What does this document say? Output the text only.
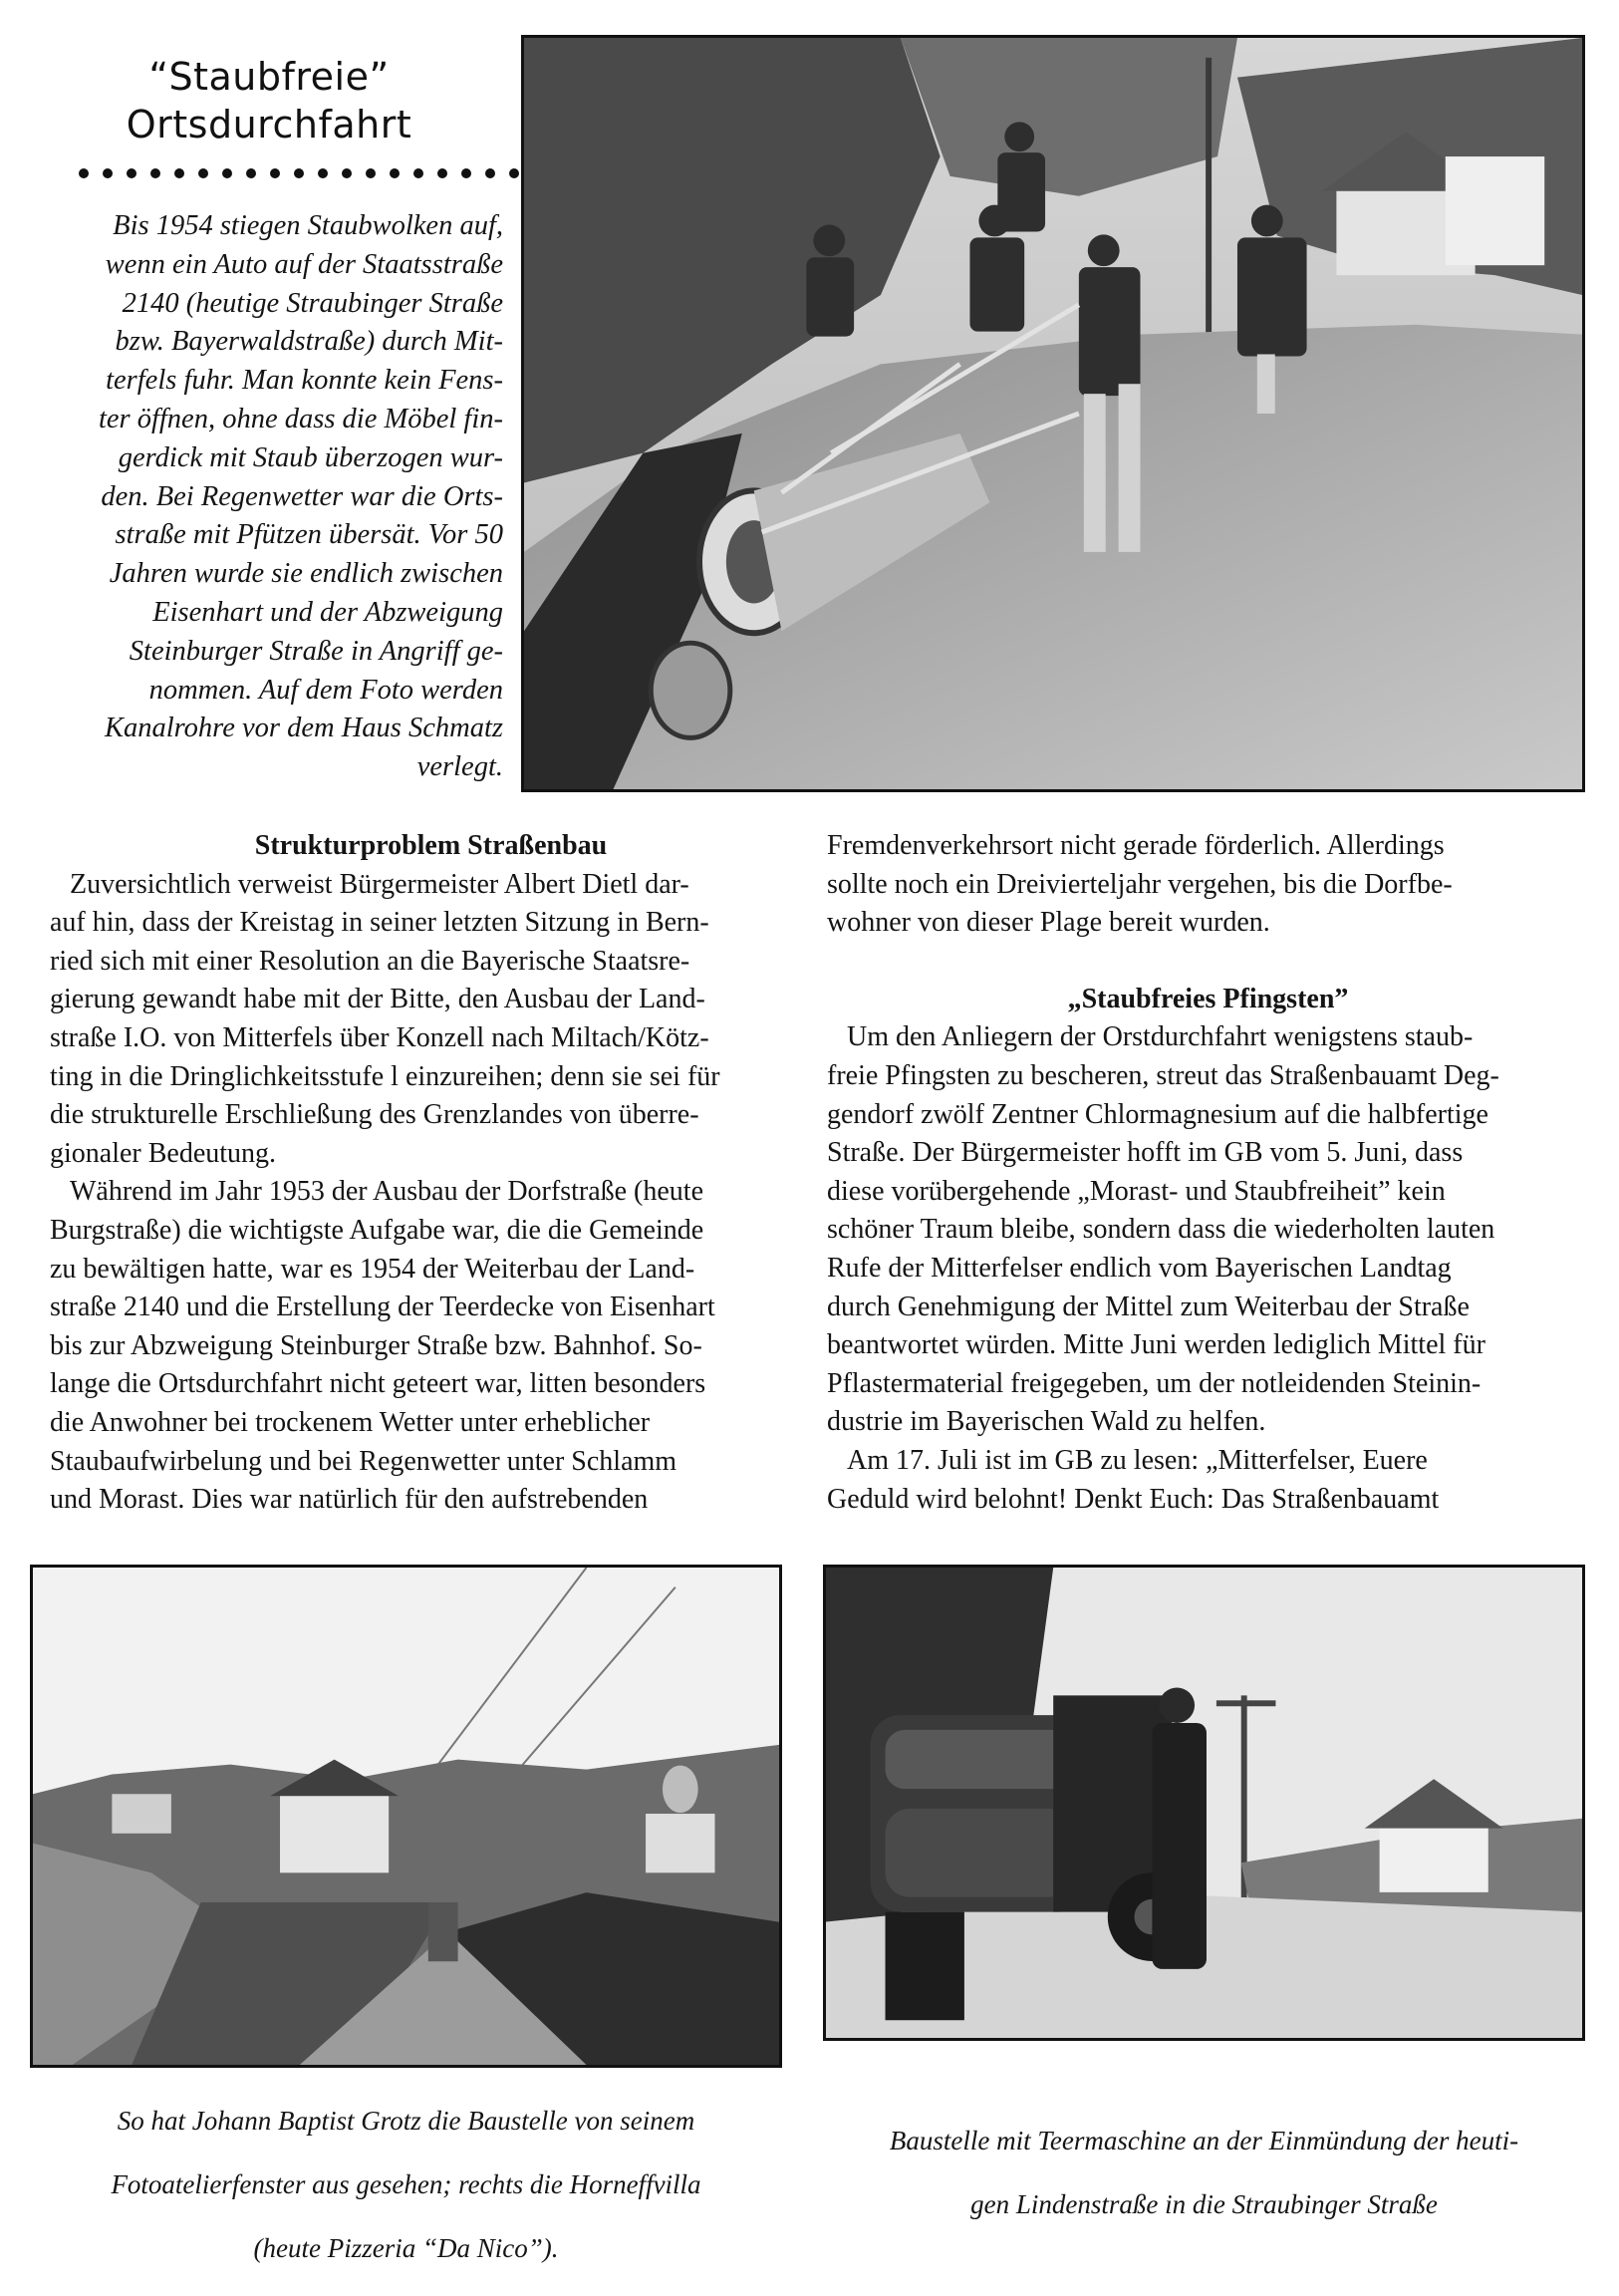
“Staubfreie”
Ortsdurchfahrt

Bis 1954 stiegen Staubwolken auf,

wenn ein Auto auf der Staatsstraße

2140 (heutige Straubinger Straße

bzw. Bayerwaldstraße) durch Mit-

terfels fuhr. Man konnte kein Fens-

ter öffnen, ohne dass die Möbel fin-

gerdick mit Staub überzogen wur-

den. Bei Regenwetter war die Orts-

straße mit Pfützen übersät. Vor 50

Jahren wurde sie endlich zwischen

Eisenhart und der Abzweigung

Steinburger Straße in Angriff ge-

nommen. Auf dem Foto werden

Kanalrohre vor dem Haus Schmatz

verlegt.

Strukturproblem Straßenbau

Zuversichtlich verweist Bürgermeister Albert Dietl dar-

auf hin, dass der Kreistag in seiner letzten Sitzung in Bern-

ried sich mit einer Resolution an die Bayerische Staatsre-

gierung gewandt habe mit der Bitte, den Ausbau der Land-

straße I.O. von Mitterfels über Konzell nach Miltach/Kötz-

ting in die Dringlichkeitsstufe l einzureihen; denn sie sei für

die strukturelle Erschließung des Grenzlandes von überre-

gionaler Bedeutung.

Während im Jahr 1953 der Ausbau der Dorfstraße (heute

Burgstraße) die wichtigste Aufgabe war, die die Gemeinde

zu bewältigen hatte, war es 1954 der Weiterbau der Land-

straße 2140 und die Erstellung der Teerdecke von Eisenhart

bis zur Abzweigung Steinburger Straße bzw. Bahnhof. So-

lange die Ortsdurchfahrt nicht geteert war, litten besonders

die Anwohner bei trockenem Wetter unter erheblicher

Staubaufwirbelung und bei Regenwetter unter Schlamm

und Morast. Dies war natürlich für den aufstrebenden

Fremdenverkehrsort nicht gerade förderlich. Allerdings

sollte noch ein Dreivierteljahr vergehen, bis die Dorfbe-

wohner von dieser Plage bereit wurden.

„Staubfreies Pfingsten”

Um den Anliegern der Orstdurchfahrt wenigstens staub-

freie Pfingsten zu bescheren, streut das Straßenbauamt Deg-

gendorf zwölf Zentner Chlormagnesium auf die halbfertige

Straße. Der Bürgermeister hofft im GB vom 5. Juni, dass

diese vorübergehende „Morast- und Staubfreiheit” kein

schöner Traum bleibe, sondern dass die wiederholten lauten

Rufe der Mitterfelser endlich vom Bayerischen Landtag

durch Genehmigung der Mittel zum Weiterbau der Straße

beantwortet würden. Mitte Juni werden lediglich Mittel für

Pflastermaterial freigegeben, um der notleidenden Steinin-

dustrie im Bayerischen Wald zu helfen.

Am 17. Juli ist im GB zu lesen: „Mitterfelser, Euere

Geduld wird belohnt! Denkt Euch: Das Straßenbauamt

So hat Johann Baptist Grotz die Baustelle von seinem

Fotoatelierfenster aus gesehen; rechts die Horneffvilla

(heute Pizzeria “Da Nico”).

Baustelle mit Teermaschine an der Einmündung der heuti-

gen Lindenstraße in die Straubinger Straße
